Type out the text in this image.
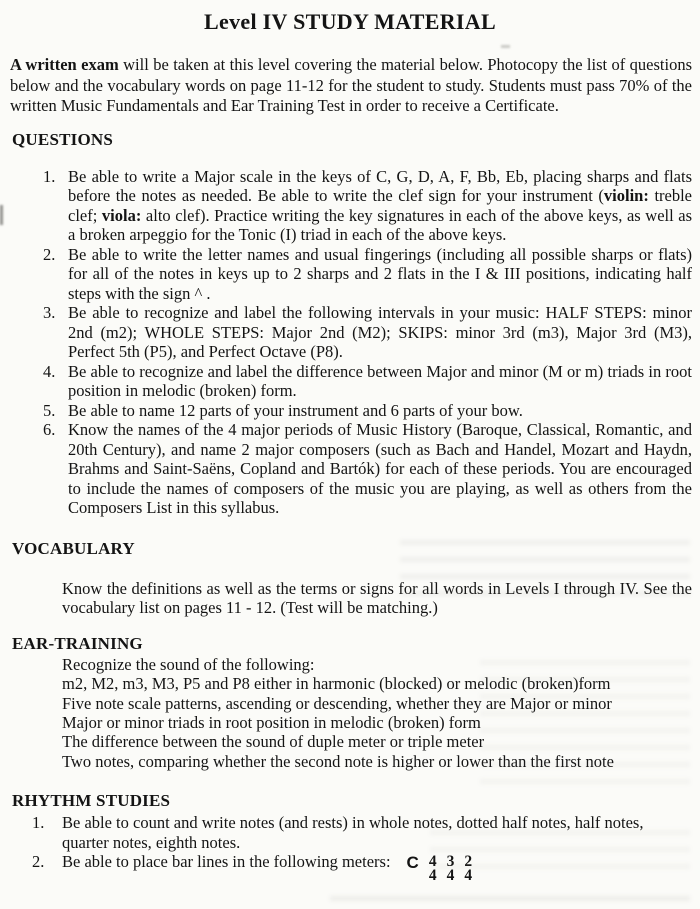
Level IV STUDY MATERIAL

A written exam will be taken at this level covering the material below. Photocopy the list of questions below and the vocabulary words on page 11-12 for the student to study. Students must pass 70% of the written Music Fundamentals and Ear Training Test in order to receive a Certificate.

QUESTIONS
1. Be able to write a Major scale in the keys of C, G, D, A, F, Bb, Eb, placing sharps and flats before the notes as needed. Be able to write the clef sign for your instrument (violin: treble clef; viola: alto clef). Practice writing the key signatures in each of the above keys, as well as a broken arpeggio for the Tonic (I) triad in each of the above keys.
2. Be able to write the letter names and usual fingerings (including all possible sharps or flats) for all of the notes in keys up to 2 sharps and 2 flats in the I & III positions, indicating half steps with the sign ^ .
3. Be able to recognize and label the following intervals in your music: HALF STEPS: minor 2nd (m2); WHOLE STEPS: Major 2nd (M2); SKIPS: minor 3rd (m3), Major 3rd (M3), Perfect 5th (P5), and Perfect Octave (P8).
4. Be able to recognize and label the difference between Major and minor (M or m) triads in root position in melodic (broken) form.
5. Be able to name 12 parts of your instrument and 6 parts of your bow.
6. Know the names of the 4 major periods of Music History (Baroque, Classical, Romantic, and 20th Century), and name 2 major composers (such as Bach and Handel, Mozart and Haydn, Brahms and Saint-Saëns, Copland and Bartók) for each of these periods. You are encouraged to include the names of composers of the music you are playing, as well as others from the Composers List in this syllabus.
VOCABULARY

Know the definitions as well as the terms or signs for all words in Levels I through IV. See the vocabulary list on pages 11 - 12. (Test will be matching.)

EAR-TRAINING
Recognize the sound of the following:
m2, M2, m3, M3, P5 and P8 either in harmonic (blocked) or melodic (broken)form
Five note scale patterns, ascending or descending, whether they are Major or minor
Major or minor triads in root position in melodic (broken) form
The difference between the sound of duple meter or triple meter
Two notes, comparing whether the second note is higher or lower than the first note
RHYTHM STUDIES
1. Be able to count and write notes (and rests) in whole notes, dotted half notes, half notes, quarter notes, eighth notes.
2. Be able to place bar lines in the following meters: C 4
4
3
4
2
4
